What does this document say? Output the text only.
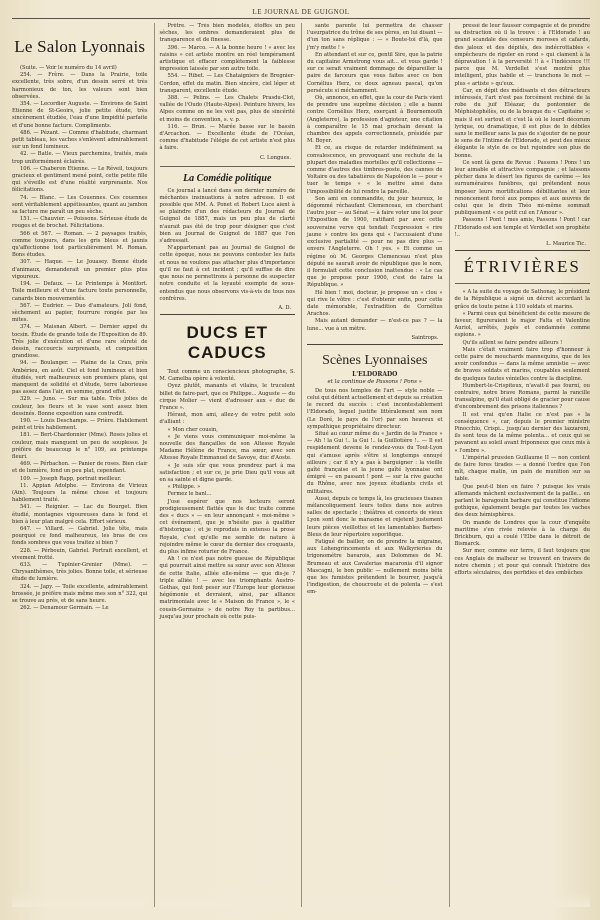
LE JOURNAL DE GUIGNOL
Le Salon Lyonnais

(Suite. — Voir le numéro du 14 avril)

254. — Frère. — Dans la Prairie, toile excellente, très sobre, d'un dessin serré et très harmonieux de ton, les valeurs sont bien observées.

354. — Lecordier Auguste. — Environs de Saint Etienne de St-Geoirs, jolie petite étude, très sincèrement étudiée, l'eau d'une limpidité parfaite et d'une bonne facture. Compliments.

486. — Pézant. — Comme d'habitude, charmant petit tableau, les vaches s'enlèvent admirablement sur un fond lumineux.

42. — Batle. — Vieux parchemins, traités, mais trop uniformément éclairés.

106. — Chaberon Etienne. — Le Réveil, toujours gracieux et gentiment mené point, cette petite fille qui s'éveille est d'une réalité surprenante. Nos félicitations.

74. — Blanc. — Les Couennes. Ces couennes sont véritablement appétissantes, quant au jambon sa facture me paraît un peu sèche.

151. — Chauvier. — Poissons. Sérieuse étude de rouges et de brochet. Félicitations.

566 et 567. — Roman. — 2 paysages traités, comme toujours, dans les gris bleus et jaunis qu'affectionne tout particulièrement M. Roman. Bons études.

307. — Haque. — Le Jouasey. Bonne étude d'animaux, demanderait un premier plus plus vigoureux.

194. — Defaux. — Le Printemps à Montfort. Toile meilleure et d'une facture toute personnelle, canards bien mouvementés.

567. — Eudrier. — Duo d'amateurs. Joli fond, sèchement au papier, fourrure rongée par les mites.

374. — Maisnan Albert. — Dernier appel du tocsin. Étude de grande toile de l'Exposition de 89. Très jolie d'exécution et d'une rare sûreté de dessin, raccourcis surprenants, et composition grandiose.

94. — Boulanger. — Plaine de la Crau, près Ambérieu, en août. Ciel et fond lumineux et bien étudiés, vert malheureux son premiers plans, qui manquent de solidité et d'étude, terre laborieuse pas assez dans l'air, en somme, grand effet.

329. — Juno. — Sur ma table. Très jolies de couleur, les fleurs et le vase sont assez bien dessinés. Bonne exposition sans contredit.

190. — Louis Deschamps. — Prière. Habilement peint et très habilement.

181. — Bert-Chardonnier (Mme). Roses jolies et couleur, mais manquent un peu de souplesse. Je préfère de beaucoup le n° 109, au printemps fleuri.

469. — Pérbachon. — Panier de roses. Bien clair et de lumière, fond un peu plat, cependant.

109. — Joseph Rapp, portrait meilleur.

11. Appian Adolphe. — Environs de Virieux (Ain). Toujours la même chose et toujours habilement traité.

541. — Reignier. — Lac du Bourget. Bien étudié, montagnes vigoureuses dans le fond et bien à leur plan malgré cela. Effort sérieux.

647. — Villard. — Gabriel. Jolie tête, mais pourquoi ce fond malheureux, les bras de ces fonds sombres que vous traitez si bien ?

228. — Pérbouin, Gabriel. Portrait excellent, et vivement frotté.

633. — Tupinier-Grenier (Mme). — Chrysanthèmes, très jolies. Bonne toile, et sérieuse étude de lumière.

324. — Japy. — Toile excellente, admirablement brossée, je préfère mais même mes son n° 322, qui se trouve au près, et de sans heure.

262. — Denamour Germain. — Le

Prêtre. — Très bien modelés, étoffes un peu sèches, les ombres demanderaient plus de transparence et de finesse.

396. — Marco. — A la bonne heure ! « avec les raisins » cet artiste montre un réel tempérament artistique et effacer complètement la faiblesse impression laissée par son autre toile.

554. — Ribet. — Les Chataigniers de Bregnier-Cordon, effet du matin. Bien sincère, ciel léger et transparent, excellente étude.

388. — Pelins. — Les Chalets Prasdu-Clot, vallée de l'Oudo (Haute-Alpes). Peinture hivers, les Alpes comme on ne les voit pas, plus de sincérité et moins de convention, s. v. p.

116. — Brun. — Marée basse sur le bassin d'Arcachon. — Excellente étude de l'Océan, comme d'habitude l'élégie de cet artiste n'est plus à faire.

C. Longues.
La Comédie politique

Ce journal a lancé dans son dernier numéro de méchantes insinuations à notre adresse. Il est possible que MM. A. Ponet et Robert Luce aient à se plaindre d'un des rédacteurs du Journal de Guignol de 1887, mais un peu plus de clarté n'aurait pas été de trop pour désigner que c'est bien au Journal de Guignol de 1887 que l'on s'adressait.

N'appartenant pas au Journal de Guignol de cette époque, nous ne pouvons contester les faits et nous ne voulons pas attacher plus d'importance qu'il ne faut à cet incident ; qu'il suffise de dire que nous ne permettrons à personne de suspecter notre conduite et la loyauté exempte de sous-entendus que nous observons vis-à-vis de tous nos confrères.

A. D.
DUCS ET CADUCS

Tout comme un consciencieux photographe, S. M. Camelba opère à volonté.

Oyez plutôt, manants et vilains, le truculent billet de faire-part, que ce Philippe... Auguste — du cirque Molier — vient d'adresser aux « duc de France ».

Héraut, mon ami, allez-y de votre petit solo d'alliant :

« Mon cher cousin,

« Je viens vous communiquer moi-même la nouvelle des fiançailles de son Altesse Royale Madame Hélène de France, ma sœur, avec son Altesse Royale Emmanuel de Savoye, duc d'Aoste.

« Je suis sûr que vous prendrez part à ma satisfaction ; et sur ce, je prie Dieu qu'il vous ait en sa sainte et digne garde.

« Philippe. »

Fermez le banl...

J'ose espérer que nos lecteurs seront prodigieusement flattés que le duc traite comme des « ducs » — en leur annonçant « moi-même » cet événement, que je n'hésite pas à qualifier d'historique ; et je reproduis in extenso la prose Royale, c'est qu'elle me semble de nature à rejoindre même le cœur du dernier des croquants, du plus infime roturier de France.

Ah ! ce n'est pas notre gueuse de République qui pourrait ainsi mettre sa sœur avec son Altesse de cette Italie, alliée elle-même — que dis-je ? triple alliée ! — avec les triomphants Austro-Gothas, qui font peser sur l'Europe leur glorieuse hégémonie et devraient, ainsi, par alliance matrimoniale avec le « Maison de France », le « cousin-Germains » de notre Roy tu partibus... jusqu'au jour prochain où cette puis-

sante parente lui permettra de chasser l'usurpatrice du trône de ses pères, en lui disant — d'un ton sans réplique : — « Boute-toi d'là, que j'm'y mette ! »

En attendant et sur ce, gentil Sire, que la patrie du capitaine Armstrong vous ait... et vous garde ! sur ce serait vraiment dommage de dépareiller la paire de farceurs que vous faites avec ce bon Cornélius Herz, ce doux agneau pascal, qu'on persécute si méchamment.

Où, annonce, en effet, que la cour de Paris vient de prendre une suprême décision ; elle a banni contre Cornélius Herz, exerçant à Bournemouth (Angleterre), la profession d'agioteur, une citation à comparaître le 15 mai prochain devant la chambre des appels correctionnels, présidée par M. Boyer.

Et ce, au risque de retarder indéfiniment sa convalescence, en provoquant une rechute de la plupart des maladies mortelles qu'il collectionne — comme d'autres des timbres-poste, des cannes de Voltaire ou des tabatières de Napoléon le — pour « tuer le temps » « le mettre ainsi dans l'impossibilité de lui rendre la pareille.

Son ami en commandite, du jour heureux, le dégommé réchaufant Clemenceau, en cherchant l'autre jour — au Sénat — à faire voter une loi pour l'Exposition de 1900, ratifiant par avec cette souveraine verve qui tendait l'expression « rire jaune » contre les gens qui « l'accusaient d'une exclusive partialité — pour ne pas dire plus — envers l'Angleterre. Oh ! yes. » Et comme un régime où M. Georges Clemenceau n'est plus député ne saurait avoir de république que le nom, il formulait cette conclusion inattendue : « Le cas que je propose pour 1900, c'est de faire la République. »

Hé bien ! moi, docteur, je propose un « clou » qui rive le vôtre : c'est d'obtenir enfin, pour cette date mémorable, l'extradition de Cornélius Arachos.

Mais autant demander — n'est-ce pas ? — la lune... vue à un mètre.

Saintrops.
Scènes Lyonnaises
L'ELDORADO
et la continue de Passons ! Pons »

De tous nos temples de l'art — style noble — celui qui détient actuellement et depuis sa création le record du succès : c'est incontestablement l'Eldorado, lequel justifie littéralement son nom (Le Doré, le pays de l'or) par son heureux et sympathique propriétaire directeur.

Situé au cœur même du « Jardin de la France » — Ah ! la Gui !.. la Gui !.. la Guillotière !.. — Il est respidement devenu le rendez-vous du Tout-Lyon qui s'amuse après s'être si longtemps ennuyé ailleurs ; car il n'y a pas à barguigner : la vieille gaîté française et la jeune gaîté lyonnaise ont émigré — en passant ! pont — sur la rive gauche du Rhône, avec nos joyeux étudiants civils et militaires.

Aussi, depuis ce temps là, les gracieuses tisanes mélancoliquement leurs toiles dans nos autres salles de spectacle ; théâtres et concerts de vieux Lyon sont donc le marasme et rejetent justement leurs pièces vieillottes et les lamentables Barbes-Bleus de leur répertoire soporifique.

Fatigué de bailler, on de prendre la migraine, aux Lohengrincements et aux Walkyrieries du trigonométre bavarois, aux Dolommes de M. Brumeau et aux Cavalerias macaronia d'il signor Mascagni, le bon public — nullement moins bête que les fumistes prétendent le bourrer, jusqu'à l'indigestion, de choucroute et de polenta — s'est em-

pressé de leur fausser compagnie et de prendre sa distraction où il la trouve : à l'Eldorado ! au grand scandale des censeurs moroses et cafards, des jaloux et des dépités, des indécrottables « empêcheurs de rigoler en rond » qui clament à la dépravation ! à la perversité !! à « l'indécence !!! parce que M. Verdellet s'est montré plus intelligent, plus habile et — tranchons le mot — plus « artiste » qu'eux.

Car, en dépit des médisants et des détracteurs intéressés, l'art n'est pas forcément rechiné de la robe du juif Eléazar, du pontonnier de Méphistophélès, ou de la bouque du « Capitaine »; mais il est surtout et c'est là où le lourd décorum lyrique, ou dramatique, il est plus de lo débiles sans le meilleur sans la pas de s'ajouter de ne pour le sens de l'Intime de l'Eldorado, et peut des mieux élégante le style de ce but rejoindre son plus de bonne.

Ce sont là gens de Revue : Passons ! Pons ! un leur aimable et attractive compagnie ; et laissons pêcher dans le désert les figures de carême — les surnuméraires funèbres, qui prétendent nous imposer leurs mortifications débilitantes et leur renoncement forcé aux pompes et aux œuvres de celui que le divin Théo mi-même sommait publiquement « ce petit cul en l'Amour ».

Passons ! Pont ! mes amis, Passons ! Pont ! car l'Eldorado est son temple et Verdellet son prophète !..

L. Maurice Tic.
ÉTRIVIÈRES

« A la suite du voyage de Sathonay, le président de la République a signé un décret accordant la grâce de toute peine à 110 soldats et marins.

« Parmi ceux qui bénéficient de cette mesure de faveur, figureraient le major Falta et Valentine Auriol, arrêtés, jugés et condamnés comme espions. »

Qu'ils aillent se faire pendre ailleurs !

Mais c'était vraiment faire trop d'honneur à cette paire de mouchards mannequins, que de les avoir confondus — dans la même amnistie — avec de braves soldats et marins, coupables seulement de quelques fautes vénielles contre la discipline.

Humbert-le-Crispiteux, n'avait-il pas fourni, ou contraire, notre brave Romans, parmi la rancille transalpine, qu'il était obligé de gracier pour cause d'encombrement des prisons italiennes ?

Il est vrai qu'en Italie ce n'est pas « la conséquence », car, depuis le premier ministre Pinocchio, Crispi... jusqu'au dernier des lazzaroni, ils sont tous de la même polenta... et ceux qui se pavanent au soleil avant friponneux que ceux mis à « l'ombre ».

L'impérial prussien Guillaume II — non content de faire fores tirades — a donné l'ordre que l'on mît, chaque matin, un pain de munition sur sa table.

Que peut-il bien en faire ? puisque les vrais allemands mâchent exclusivement de la paille... en parlant le baragouin barbare qui constitue l'idiome gothique, également beugle par toutes les vaches des deux hémisphères.

On mande de Londres que la cour d'enquête maritime s'en rivée relevée à la charge du Brickburn, qui a coulé l'Elbe dans le détroit de Bismarck.

Sur mer, comme sur terre, il faut toujours que ces Anglais de malheur se trouvent en travers de notre chemin ; et pour qui connaît l'histoire des efforts séculaires, des perfidies et des embûches
